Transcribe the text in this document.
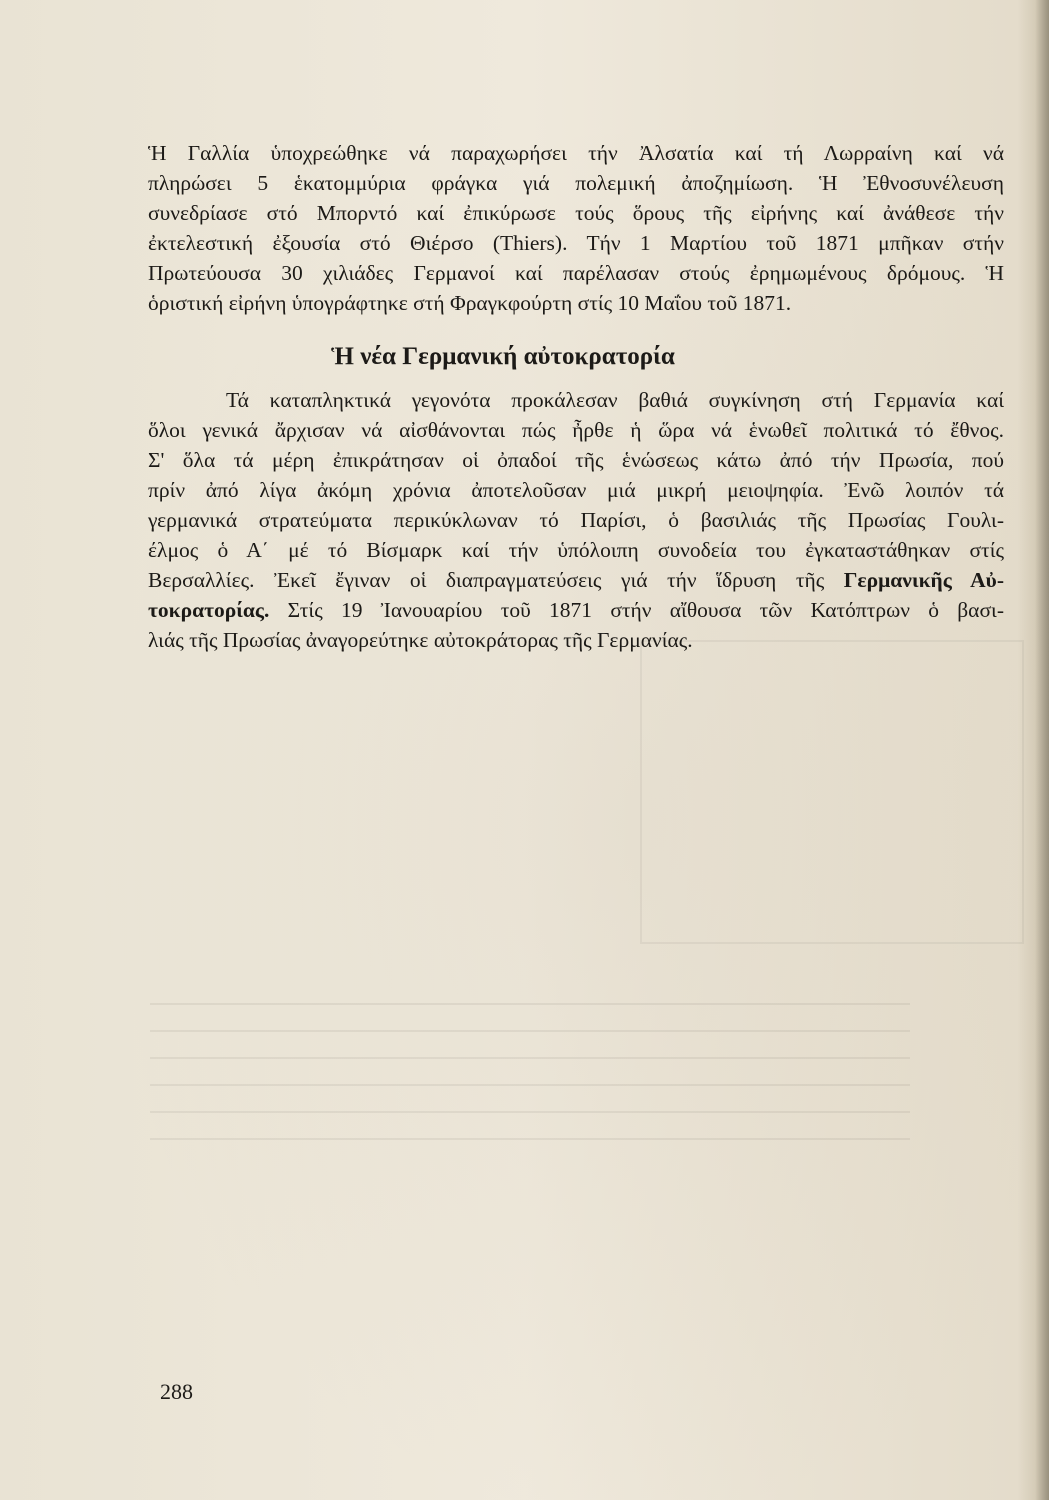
Ἡ Γαλλία ὑποχρεώθηκε νά παραχωρήσει τήν Ἀλσατία καί τή Λωρραίνη καί νά
πληρώσει 5 ἑκατομμύρια φράγκα γιά πολεμική ἀποζημίωση. Ἡ Ἐθνοσυνέλευση
συνεδρίασε στό Μπορντό καί ἐπικύρωσε τούς ὅρους τῆς εἰρήνης καί ἀνάθεσε τήν
ἐκτελεστική ἐξουσία στό Θιέρσο (Thiers). Τήν 1 Μαρτίου τοῦ 1871 μπῆκαν στήν
Πρωτεύουσα 30 χιλιάδες Γερμανοί καί παρέλασαν στούς ἐρημωμένους δρόμους. Ἡ
ὁριστική εἰρήνη ὑπογράφτηκε στή Φραγκφούρτη στίς 10 Μαΐου τοῦ 1871.
Ἡ νέα Γερμανική αὐτοκρατορία
Τά καταπληκτικά γεγονότα προκάλεσαν βαθιά συγκίνηση στή Γερμανία καί
ὅλοι γενικά ἄρχισαν νά αἰσθάνονται πώς ἦρθε ἡ ὥρα νά ἑνωθεῖ πολιτικά τό ἔθνος.
Σ' ὅλα τά μέρη ἐπικράτησαν οἱ ὀπαδοί τῆς ἑνώσεως κάτω ἀπό τήν Πρωσία, πού
πρίν ἀπό λίγα ἀκόμη χρόνια ἀποτελοῦσαν μιά μικρή μειοψηφία. Ἐνῶ λοιπόν τά
γερμανικά στρατεύματα περικύκλωναν τό Παρίσι, ὁ βασιλιάς τῆς Πρωσίας Γουλι-
έλμος ὁ Α΄ μέ τό Βίσμαρκ καί τήν ὑπόλοιπη συνοδεία του ἐγκαταστάθηκαν στίς
Βερσαλλίες. Ἐκεῖ ἔγιναν οἱ διαπραγματεύσεις γιά τήν ἵδρυση τῆς Γερμανικῆς Αὐ-
τοκρατορίας. Στίς 19 Ἰανουαρίου τοῦ 1871 στήν αἴθουσα τῶν Κατόπτρων ὁ βασι-
λιάς τῆς Πρωσίας ἀναγορεύτηκε αὐτοκράτορας τῆς Γερμανίας.
288
